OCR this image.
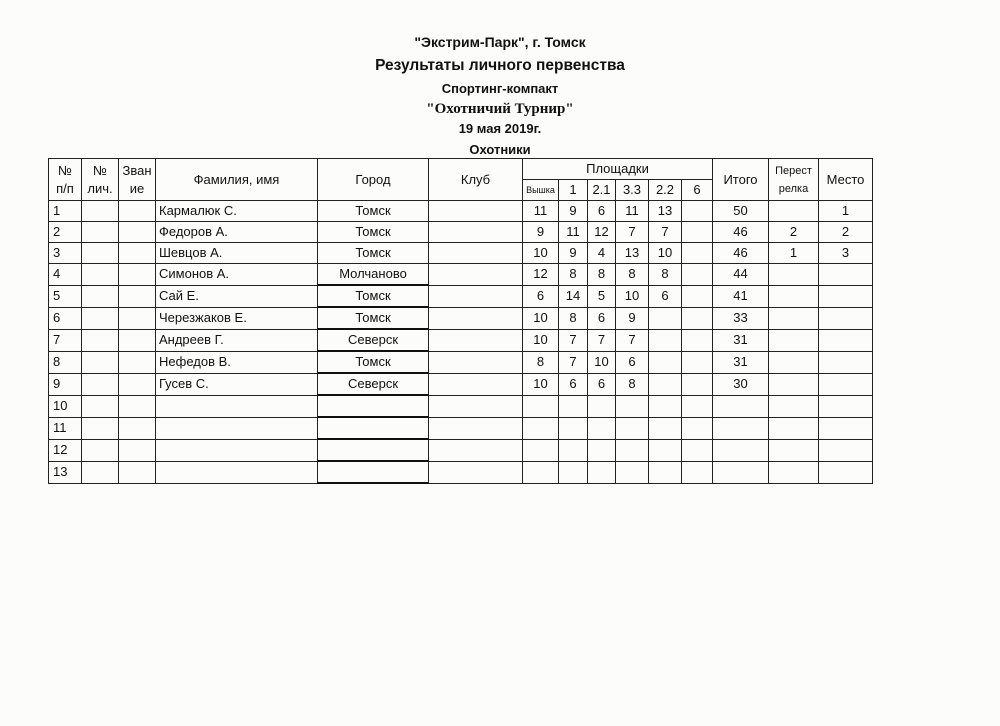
"Экстрим-Парк", г. Томск
Результаты личного первенства
Спортинг-компакт
"Охотничий Турнир"
19 мая 2019г.
Охотники
№
п/п	№
лич.	Зван
ие	Фамилия, имя	Город	Клуб	Площадки						Итого	Перест
релка	Место
						Вышка	1	2.1	3.3	2.2	6			
1			Кармалюк С.	Томск		11	9	6	11	13		50		1
2			Федоров А.	Томск		9	11	12	7	7		46	2	2
3			Шевцов А.	Томск		10	9	4	13	10		46	1	3
4			Симонов А.	Молчаново		12	8	8	8	8		44		
5			Сай Е.	Томск		6	14	5	10	6		41		
6			Черезжаков Е.	Томск		10	8	6	9			33		
7			Андреев Г.	Северск		10	7	7	7			31		
8			Нефедов В.	Томск		8	7	10	6			31		
9			Гусев С.	Северск		10	6	6	8			30		
10														
11														
12														
13														
